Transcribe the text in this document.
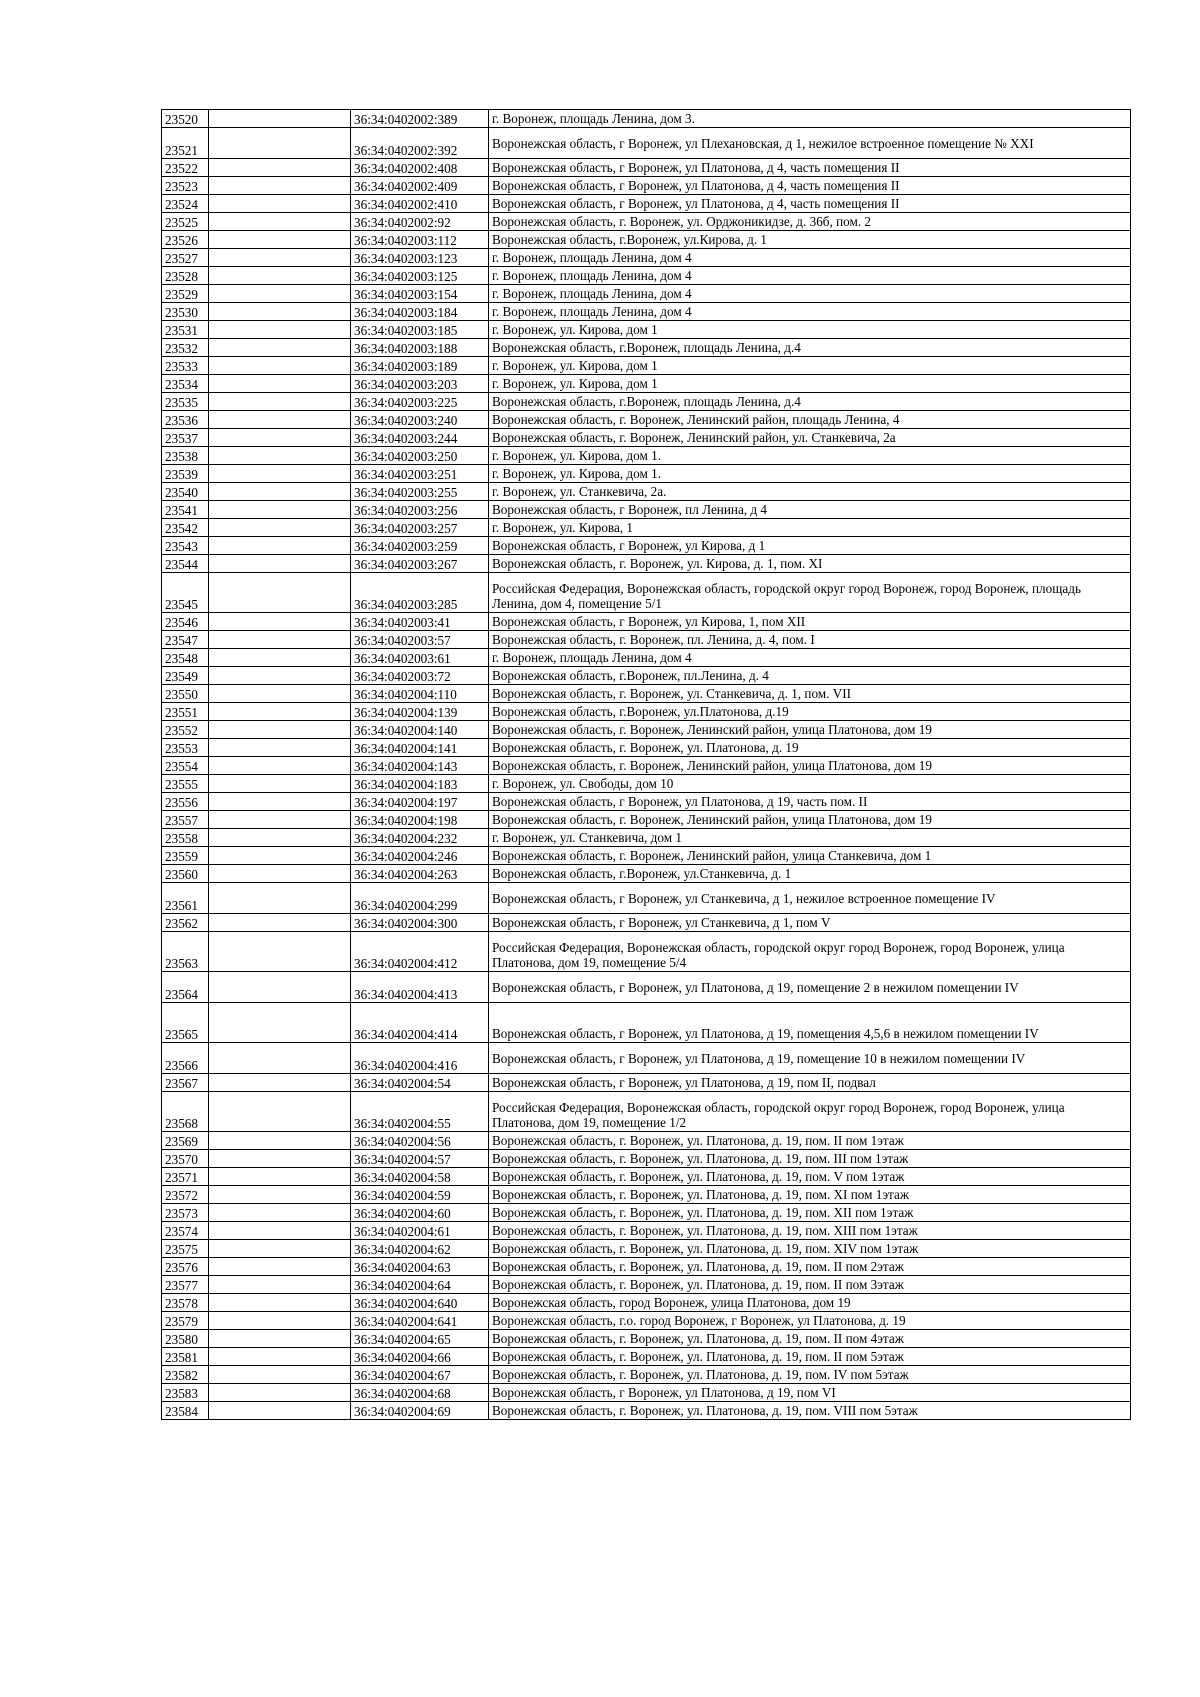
23520		36:34:0402002:389	г. Воронеж, площадь Ленина, дом 3.
23521		36:34:0402002:392	Воронежская область, г Воронеж, ул Плехановская, д 1, нежилое встроенное помещение № XXI
23522		36:34:0402002:408	Воронежская область, г Воронеж, ул Платонова, д 4, часть помещения II
23523		36:34:0402002:409	Воронежская область, г Воронеж, ул Платонова, д 4, часть помещения II
23524		36:34:0402002:410	Воронежская область, г Воронеж, ул Платонова, д 4, часть помещения II
23525		36:34:0402002:92	Воронежская область, г. Воронеж, ул. Орджоникидзе, д. 36б, пом. 2
23526		36:34:0402003:112	Воронежская область, г.Воронеж, ул.Кирова, д. 1
23527		36:34:0402003:123	г. Воронеж, площадь Ленина, дом 4
23528		36:34:0402003:125	г. Воронеж, площадь Ленина, дом 4
23529		36:34:0402003:154	г. Воронеж, площадь Ленина, дом 4
23530		36:34:0402003:184	г. Воронеж, площадь Ленина, дом 4
23531		36:34:0402003:185	г. Воронеж, ул. Кирова, дом 1
23532		36:34:0402003:188	Воронежская область, г.Воронеж, площадь Ленина, д.4
23533		36:34:0402003:189	г. Воронеж, ул. Кирова, дом 1
23534		36:34:0402003:203	г. Воронеж, ул. Кирова, дом 1
23535		36:34:0402003:225	Воронежская область, г.Воронеж, площадь Ленина, д.4
23536		36:34:0402003:240	Воронежская область, г. Воронеж, Ленинский район, площадь Ленина, 4
23537		36:34:0402003:244	Воронежская область, г. Воронеж, Ленинский район, ул. Станкевича, 2а
23538		36:34:0402003:250	г. Воронеж, ул. Кирова, дом 1.
23539		36:34:0402003:251	г. Воронеж, ул. Кирова, дом 1.
23540		36:34:0402003:255	г. Воронеж, ул. Станкевича, 2а.
23541		36:34:0402003:256	Воронежская область, г Воронеж, пл Ленина, д 4
23542		36:34:0402003:257	г. Воронеж, ул. Кирова, 1
23543		36:34:0402003:259	Воронежская область, г Воронеж, ул Кирова, д 1
23544		36:34:0402003:267	Воронежская область, г. Воронеж, ул. Кирова, д. 1, пом. XI
23545		36:34:0402003:285	Российская Федерация, Воронежская область, городской округ город Воронеж, город Воронеж, площадь Ленина, дом 4, помещение 5/1
23546		36:34:0402003:41	Воронежская область, г Воронеж, ул Кирова, 1, пом XII
23547		36:34:0402003:57	Воронежская область, г. Воронеж, пл. Ленина, д. 4, пом. I
23548		36:34:0402003:61	г. Воронеж, площадь Ленина, дом 4
23549		36:34:0402003:72	Воронежская область, г.Воронеж, пл.Ленина, д. 4
23550		36:34:0402004:110	Воронежская область, г. Воронеж, ул. Станкевича, д. 1, пом. VII
23551		36:34:0402004:139	Воронежская область, г.Воронеж, ул.Платонова, д.19
23552		36:34:0402004:140	Воронежская область, г. Воронеж, Ленинский район, улица Платонова, дом 19
23553		36:34:0402004:141	Воронежская область, г. Воронеж, ул. Платонова, д. 19
23554		36:34:0402004:143	Воронежская область, г. Воронеж, Ленинский район, улица Платонова, дом 19
23555		36:34:0402004:183	г. Воронеж, ул. Свободы, дом 10
23556		36:34:0402004:197	Воронежская область, г Воронеж, ул Платонова, д 19, часть пом. II
23557		36:34:0402004:198	Воронежская область, г. Воронеж, Ленинский район, улица Платонова, дом 19
23558		36:34:0402004:232	г. Воронеж, ул. Станкевича, дом 1
23559		36:34:0402004:246	Воронежская область, г. Воронеж, Ленинский район, улица Станкевича, дом 1
23560		36:34:0402004:263	Воронежская область, г.Воронеж, ул.Станкевича, д. 1
23561		36:34:0402004:299	Воронежская область, г Воронеж, ул Станкевича, д 1, нежилое встроенное помещение IV
23562		36:34:0402004:300	Воронежская область, г Воронеж, ул Станкевича, д 1, пом V
23563		36:34:0402004:412	Российская Федерация, Воронежская область, городской округ город Воронеж, город Воронеж, улица Платонова, дом 19, помещение 5/4
23564		36:34:0402004:413	Воронежская область, г Воронеж, ул Платонова, д 19, помещение 2 в нежилом помещении IV
23565		36:34:0402004:414	Воронежская область, г Воронеж, ул Платонова, д 19, помещения 4,5,6 в нежилом помещении IV
23566		36:34:0402004:416	Воронежская область, г Воронеж, ул Платонова, д 19, помещение 10 в нежилом помещении IV
23567		36:34:0402004:54	Воронежская область, г Воронеж, ул Платонова, д 19, пом II, подвал
23568		36:34:0402004:55	Российская Федерация, Воронежская область, городской округ город Воронеж, город Воронеж, улица Платонова, дом 19, помещение 1/2
23569		36:34:0402004:56	Воронежская область, г. Воронеж, ул. Платонова, д. 19, пом. II пом 1этаж
23570		36:34:0402004:57	Воронежская область, г. Воронеж, ул. Платонова, д. 19, пом. III пом 1этаж
23571		36:34:0402004:58	Воронежская область, г. Воронеж, ул. Платонова, д. 19, пом. V пом 1этаж
23572		36:34:0402004:59	Воронежская область, г. Воронеж, ул. Платонова, д. 19, пом. XI пом 1этаж
23573		36:34:0402004:60	Воронежская область, г. Воронеж, ул. Платонова, д. 19, пом. XII пом 1этаж
23574		36:34:0402004:61	Воронежская область, г. Воронеж, ул. Платонова, д. 19, пом. XIII пом 1этаж
23575		36:34:0402004:62	Воронежская область, г. Воронеж, ул. Платонова, д. 19, пом. XIV пом 1этаж
23576		36:34:0402004:63	Воронежская область, г. Воронеж, ул. Платонова, д. 19, пом. II пом 2этаж
23577		36:34:0402004:64	Воронежская область, г. Воронеж, ул. Платонова, д. 19, пом. II пом 3этаж
23578		36:34:0402004:640	Воронежская область, город Воронеж, улица Платонова, дом 19
23579		36:34:0402004:641	Воронежская область, г.о. город Воронеж, г Воронеж, ул Платонова, д. 19
23580		36:34:0402004:65	Воронежская область, г. Воронеж, ул. Платонова, д. 19, пом. II пом 4этаж
23581		36:34:0402004:66	Воронежская область, г. Воронеж, ул. Платонова, д. 19, пом. II пом 5этаж
23582		36:34:0402004:67	Воронежская область, г. Воронеж, ул. Платонова, д. 19, пом. IV пом 5этаж
23583		36:34:0402004:68	Воронежская область, г Воронеж, ул Платонова, д 19, пом VI
23584		36:34:0402004:69	Воронежская область, г. Воронеж, ул. Платонова, д. 19, пом. VIII пом 5этаж
